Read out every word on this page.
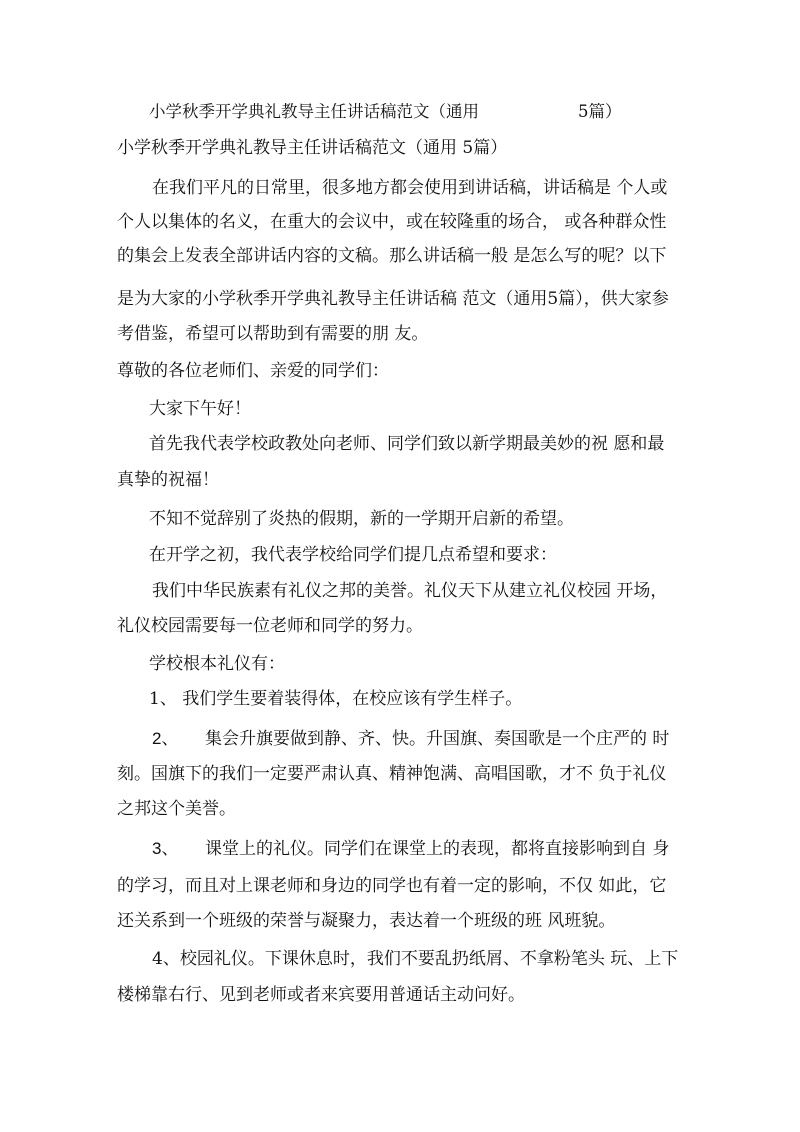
小学秋季开学典礼教导主任讲话稿范文（通用	5篇）
小学秋季开学典礼教导主任讲话稿范文（通用 5篇）
在我们平凡的日常里，很多地方都会使用到讲话稿，讲话稿是 个人或
个人以集体的名义，在重大的会议中，或在较隆重的场合， 或各种群众性
的集会上发表全部讲话内容的文稿。那么讲话稿一般 是怎么写的呢？以下
是为大家的小学秋季开学典礼教导主任讲话稿 范文（通用5篇），供大家参
考借鉴，希望可以帮助到有需要的朋 友。
尊敬的各位老师们、亲爱的同学们：
大家下午好！
首先我代表学校政教处向老师、同学们致以新学期最美妙的祝 愿和最
真挚的祝福！
不知不觉辞别了炎热的假期，新的一学期开启新的希望。
在开学之初，我代表学校给同学们提几点希望和要求：
我们中华民族素有礼仪之邦的美誉。礼仪天下从建立礼仪校园 开场，
礼仪校园需要每一位老师和同学的努力。
学校根本礼仪有：
1、 我们学生要着装得体，在校应该有学生样子。
2、 集会升旗要做到静、齐、快。升国旗、奏国歌是一个庄严的 时
刻。国旗下的我们一定要严肃认真、精神饱满、高唱国歌，才不 负于礼仪
之邦这个美誉。
3、 课堂上的礼仪。同学们在课堂上的表现，都将直接影响到自 身
的学习，而且对上课老师和身边的同学也有着一定的影响，不仅 如此，它
还关系到一个班级的荣誉与凝聚力，表达着一个班级的班 风班貌。
4、校园礼仪。下课休息时，我们不要乱扔纸屑、不拿粉笔头 玩、上下
楼梯靠右行、见到老师或者来宾要用普通话主动问好。
